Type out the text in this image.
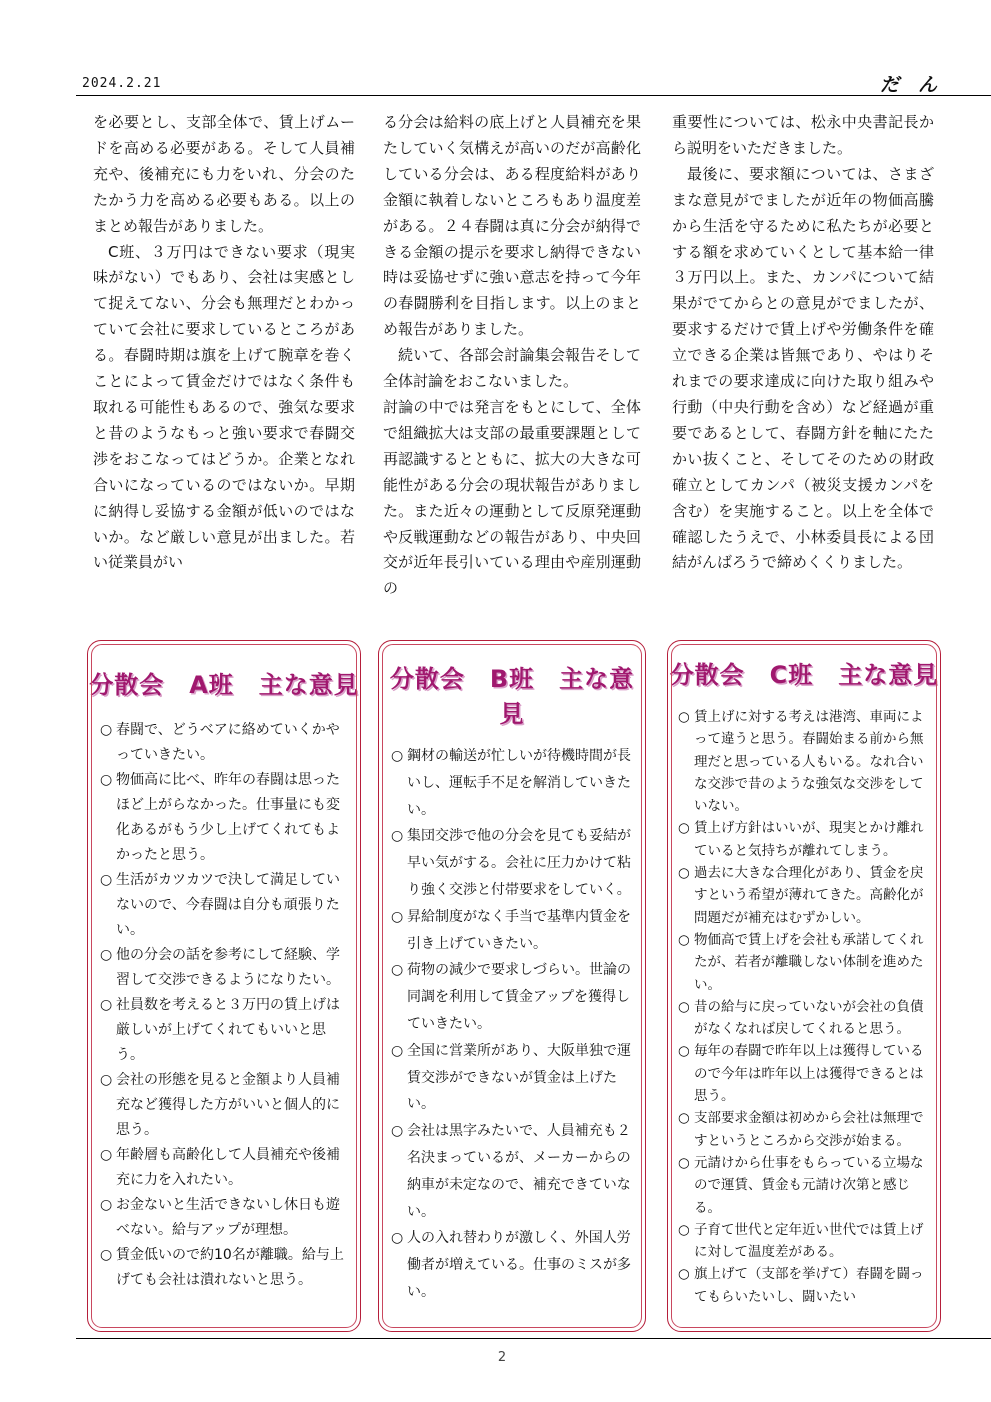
2024.2.21	だ　ん

を必要とし、支部全体で、賃上げムードを高める必要がある。そして人員補充や、後補充にも力をいれ、分会のたたかう力を高める必要もある。以上のまとめ報告がありました。

C班、３万円はできない要求（現実味がない）でもあり、会社は実感として捉えてない、分会も無理だとわかっていて会社に要求しているところがある。春闘時期は旗を上げて腕章を巻くことによって賃金だけではなく条件も取れる可能性もあるので、強気な要求と昔のようなもっと強い要求で春闘交渉をおこなってはどうか。企業となれ合いになっているのではないか。早期に納得し妥協する金額が低いのではないか。など厳しい意見が出ました。若い従業員がい

る分会は給料の底上げと人員補充を果たしていく気構えが高いのだが高齢化している分会は、ある程度給料があり金額に執着しないところもあり温度差がある。２４春闘は真に分会が納得できる金額の提示を要求し納得できない時は妥協せずに強い意志を持って今年の春闘勝利を目指します。以上のまとめ報告がありました。

続いて、各部会討論集会報告そして全体討論をおこないました。

討論の中では発言をもとにして、全体で組織拡大は支部の最重要課題として再認識するとともに、拡大の大きな可能性がある分会の現状報告がありました。また近々の運動として反原発運動や反戦運動などの報告があり、中央回交が近年長引いている理由や産別運動の

重要性については、松永中央書記長から説明をいただきました。

最後に、要求額については、さまざまな意見がでましたが近年の物価高騰から生活を守るために私たちが必要とする額を求めていくとして基本給一律３万円以上。また、カンパについて結果がでてからとの意見がでましたが、要求するだけで賃上げや労働条件を確立できる企業は皆無であり、やはりそれまでの要求達成に向けた取り組みや行動（中央行動を含め）など経過が重要であるとして、春闘方針を軸にたたかい抜くこと、そしてそのための財政確立としてカンパ（被災支援カンパを含む）を実施すること。以上を全体で確認したうえで、小林委員長による団結がんばろうで締めくくりました。

分散会　A班　主な意見
○ 春闘で、どうベアに絡めていくかやっていきたい。
○ 物価高に比べ、昨年の春闘は思ったほど上がらなかった。仕事量にも変化あるがもう少し上げてくれてもよかったと思う。
○ 生活がカツカツで決して満足していないので、今春闘は自分も頑張りたい。
○ 他の分会の話を参考にして経験、学習して交渉できるようになりたい。
○ 社員数を考えると３万円の賃上げは厳しいが上げてくれてもいいと思う。
○ 会社の形態を見ると金額より人員補充など獲得した方がいいと個人的に思う。
○ 年齢層も高齢化して人員補充や後補充に力を入れたい。
○ お金ないと生活できないし休日も遊べない。給与アップが理想。
○ 賃金低いので約10名が離職。給与上げても会社は潰れないと思う。
分散会　B班　主な意見
○ 鋼材の輸送が忙しいが待機時間が長いし、運転手不足を解消していきたい。
○ 集団交渉で他の分会を見ても妥結が早い気がする。会社に圧力かけて粘り強く交渉と付帯要求をしていく。
○ 昇給制度がなく手当で基準内賃金を引き上げていきたい。
○ 荷物の減少で要求しづらい。世論の同調を利用して賃金アップを獲得していきたい。
○ 全国に営業所があり、大阪単独で運賃交渉ができないが賃金は上げたい。
○ 会社は黒字みたいで、人員補充も２名決まっているが、メーカーからの納車が未定なので、補充できていない。
○ 人の入れ替わりが激しく、外国人労働者が増えている。仕事のミスが多い。
分散会　C班　主な意見
○ 賃上げに対する考えは港湾、車両によって違うと思う。春闘始まる前から無理だと思っている人もいる。なれ合いな交渉で昔のような強気な交渉をしていない。
○ 賃上げ方針はいいが、現実とかけ離れていると気持ちが離れてしまう。
○ 過去に大きな合理化があり、賃金を戻すという希望が薄れてきた。高齢化が問題だが補充はむずかしい。
○ 物価高で賃上げを会社も承諾してくれたが、若者が離職しない体制を進めたい。
○ 昔の給与に戻っていないが会社の負債がなくなれば戻してくれると思う。
○ 毎年の春闘で昨年以上は獲得しているので今年は昨年以上は獲得できるとは思う。
○ 支部要求金額は初めから会社は無理ですというところから交渉が始まる。
○ 元請けから仕事をもらっている立場なので運賃、賃金も元請け次第と感じる。
○ 子育て世代と定年近い世代では賃上げに対して温度差がある。
○ 旗上げて（支部を挙げて）春闘を闘ってもらいたいし、闘いたい
2
